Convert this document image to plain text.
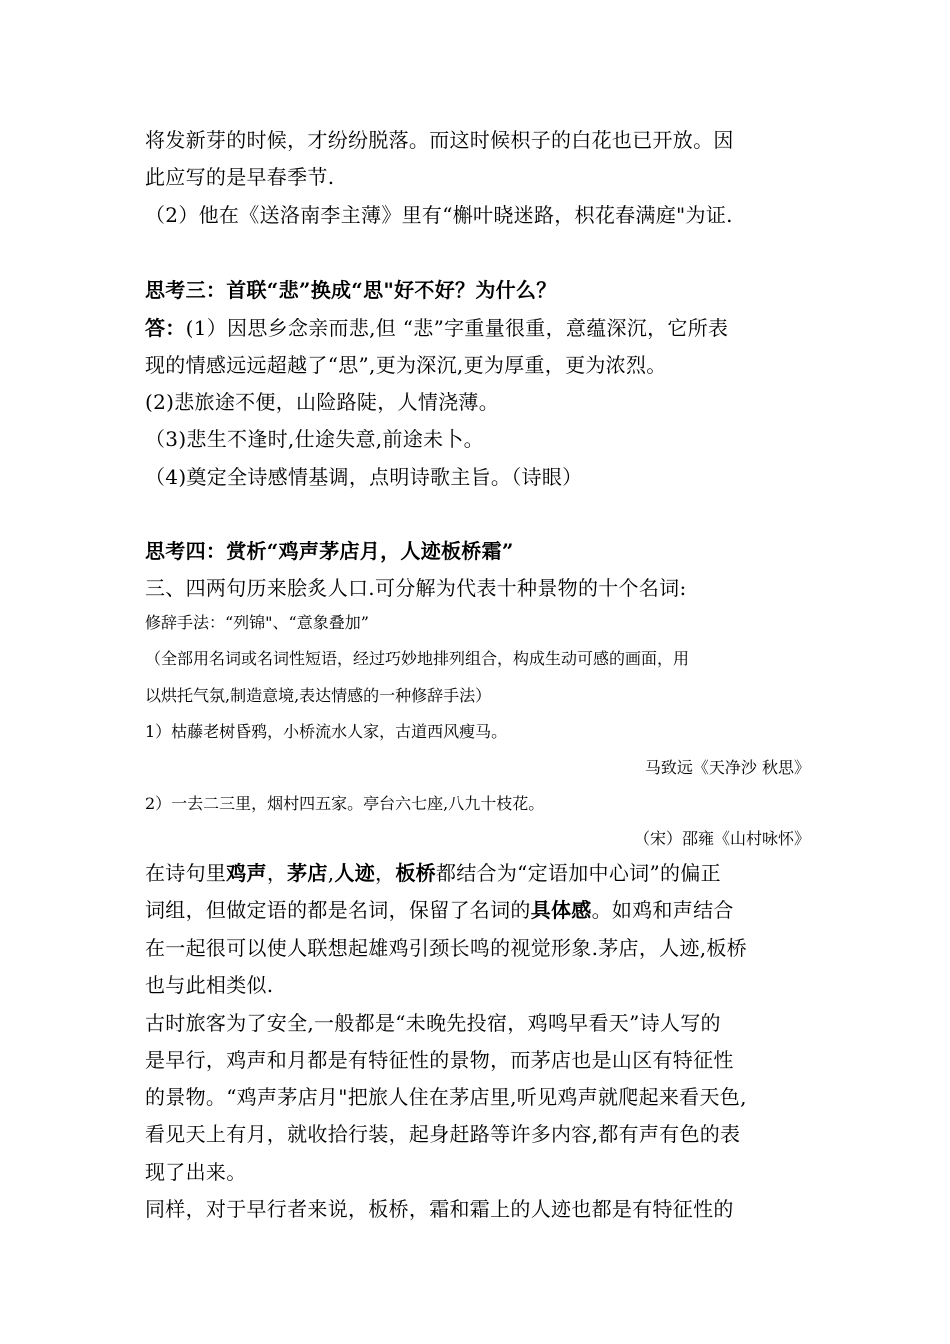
将发新芽的时候，才纷纷脱落。而这时候枳子的白花也已开放。因
此应写的是早春季节.
（2）他在《送洛南李主薄》里有“槲叶晓迷路，枳花春满庭"为证.
思考三：首联“悲”换成“思"好不好？为什么？
答：(1）因思乡念亲而悲,但 “悲”字重量很重，意蕴深沉，它所表
现的情感远远超越了“思”,更为深沉,更为厚重，更为浓烈。
(2)悲旅途不便，山险路陡，人情浇薄。
（3)悲生不逢时,仕途失意,前途未卜。
（4)奠定全诗感情基调，点明诗歌主旨。（诗眼）
思考四：赏析“鸡声茅店月，人迹板桥霜”
三、四两句历来脍炙人口.可分解为代表十种景物的十个名词:
修辞手法：“列锦"、“意象叠加”
（全部用名词或名词性短语，经过巧妙地排列组合，构成生动可感的画面，用
以烘托气氛,制造意境,表达情感的一种修辞手法）
1）枯藤老树昏鸦，小桥流水人家，古道西风瘦马。
马致远《天净沙 秋思》
2）一去二三里，烟村四五家。亭台六七座,八九十枝花。
（宋）邵雍《山村咏怀》
在诗句里鸡声，茅店,人迹，板桥都结合为“定语加中心词”的偏正
词组，但做定语的都是名词，保留了名词的具体感。如鸡和声结合
在一起很可以使人联想起雄鸡引颈长鸣的视觉形象.茅店，人迹,板桥
也与此相类似.
古时旅客为了安全,一般都是“未晚先投宿，鸡鸣早看天”诗人写的
是早行，鸡声和月都是有特征性的景物，而茅店也是山区有特征性
的景物。“鸡声茅店月"把旅人住在茅店里,听见鸡声就爬起来看天色,
看见天上有月，就收拾行装，起身赶路等许多内容,都有声有色的表
现了出来。
同样，对于早行者来说，板桥，霜和霜上的人迹也都是有特征性的
